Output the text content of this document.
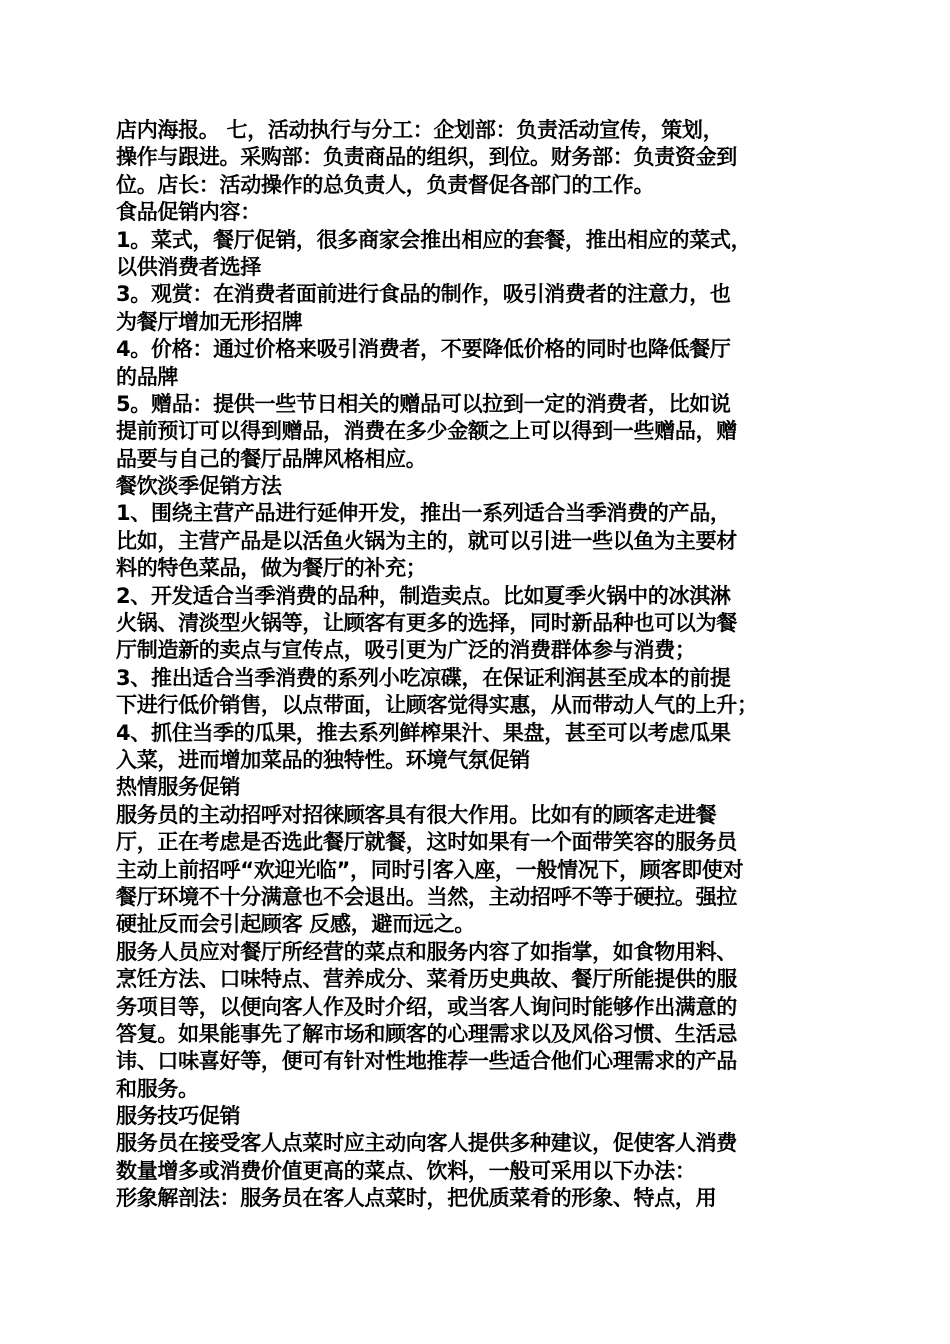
店内海报。 七，活动执行与分工：企划部：负责活动宣传，策划，
操作与跟进。采购部：负责商品的组织，到位。财务部：负责资金到
位。店长：活动操作的总负责人，负责督促各部门的工作。
食品促销内容：
1。菜式，餐厅促销，很多商家会推出相应的套餐，推出相应的菜式，
以供消费者选择
3。观赏：在消费者面前进行食品的制作，吸引消费者的注意力，也
为餐厅增加无形招牌
4。价格：通过价格来吸引消费者，不要降低价格的同时也降低餐厅
的品牌
5。赠品：提供一些节日相关的赠品可以拉到一定的消费者，比如说
提前预订可以得到赠品，消费在多少金额之上可以得到一些赠品，赠
品要与自己的餐厅品牌风格相应。
餐饮淡季促销方法
1、围绕主营产品进行延伸开发，推出一系列适合当季消费的产品，
比如，主营产品是以活鱼火锅为主的，就可以引进一些以鱼为主要材
料的特色菜品，做为餐厅的补充；
2、开发适合当季消费的品种，制造卖点。比如夏季火锅中的冰淇淋
火锅、清淡型火锅等，让顾客有更多的选择，同时新品种也可以为餐
厅制造新的卖点与宣传点，吸引更为广泛的消费群体参与消费；
3、推出适合当季消费的系列小吃凉碟，在保证利润甚至成本的前提
下进行低价销售，以点带面，让顾客觉得实惠，从而带动人气的上升；
4、抓住当季的瓜果，推去系列鲜榨果汁、果盘，甚至可以考虑瓜果
入菜，进而增加菜品的独特性。环境气氛促销
热情服务促销
服务员的主动招呼对招徕顾客具有很大作用。比如有的顾客走进餐
厅，正在考虑是否选此餐厅就餐，这时如果有一个面带笑容的服务员
主动上前招呼“欢迎光临”，同时引客入座，一般情况下，顾客即使对
餐厅环境不十分满意也不会退出。当然，主动招呼不等于硬拉。强拉
硬扯反而会引起顾客 反感，避而远之。
服务人员应对餐厅所经营的菜点和服务内容了如指掌，如食物用料、
烹饪方法、口味特点、营养成分、菜肴历史典故、餐厅所能提供的服
务项目等，以便向客人作及时介绍，或当客人询问时能够作出满意的
答复。如果能事先了解市场和顾客的心理需求以及风俗习惯、生活忌
讳、口味喜好等，便可有针对性地推荐一些适合他们心理需求的产品
和服务。
服务技巧促销
服务员在接受客人点菜时应主动向客人提供多种建议，促使客人消费
数量增多或消费价值更高的菜点、饮料，一般可采用以下办法：
形象解剖法：服务员在客人点菜时，把优质菜肴的形象、特点，用
